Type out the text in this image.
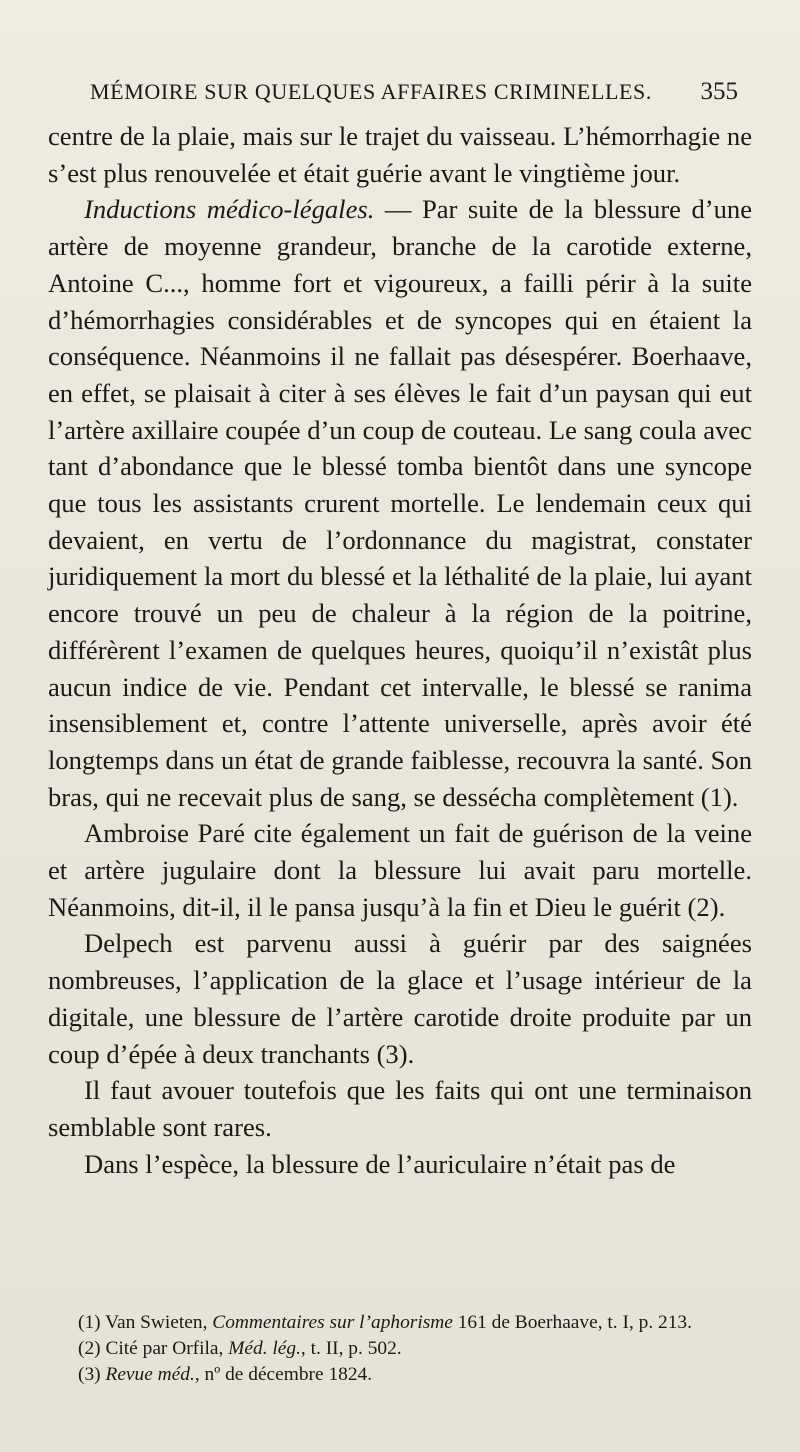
MÉMOIRE SUR QUELQUES AFFAIRES CRIMINELLES. 355

centre de la plaie, mais sur le trajet du vaisseau. L’hémorrhagie ne s’est plus renouvelée et était guérie avant le vingtième jour.

Inductions médico-légales. — Par suite de la blessure d’une artère de moyenne grandeur, branche de la carotide externe, Antoine C..., homme fort et vigoureux, a failli périr à la suite d’hémorrhagies considérables et de syncopes qui en étaient la conséquence. Néanmoins il ne fallait pas désespérer. Boerhaave, en effet, se plaisait à citer à ses élèves le fait d’un paysan qui eut l’artère axillaire coupée d’un coup de couteau. Le sang coula avec tant d’abondance que le blessé tomba bientôt dans une syncope que tous les assistants crurent mortelle. Le lendemain ceux qui devaient, en vertu de l’ordonnance du magistrat, constater juridiquement la mort du blessé et la léthalité de la plaie, lui ayant encore trouvé un peu de chaleur à la région de la poitrine, différèrent l’examen de quelques heures, quoiqu’il n’existât plus aucun indice de vie. Pendant cet intervalle, le blessé se ranima insensiblement et, contre l’attente universelle, après avoir été longtemps dans un état de grande faiblesse, recouvra la santé. Son bras, qui ne recevait plus de sang, se dessécha complètement (1).

Ambroise Paré cite également un fait de guérison de la veine et artère jugulaire dont la blessure lui avait paru mortelle. Néanmoins, dit-il, il le pansa jusqu’à la fin et Dieu le guérit (2).

Delpech est parvenu aussi à guérir par des saignées nombreuses, l’application de la glace et l’usage intérieur de la digitale, une blessure de l’artère carotide droite produite par un coup d’épée à deux tranchants (3).

Il faut avouer toutefois que les faits qui ont une terminaison semblable sont rares.

Dans l’espèce, la blessure de l’auriculaire n’était pas de

(1) Van Swieten, Commentaires sur l’aphorisme 161 de Boerhaave, t. I, p. 213.

(2) Cité par Orfila, Méd. lég., t. II, p. 502.

(3) Revue méd., nº de décembre 1824.
